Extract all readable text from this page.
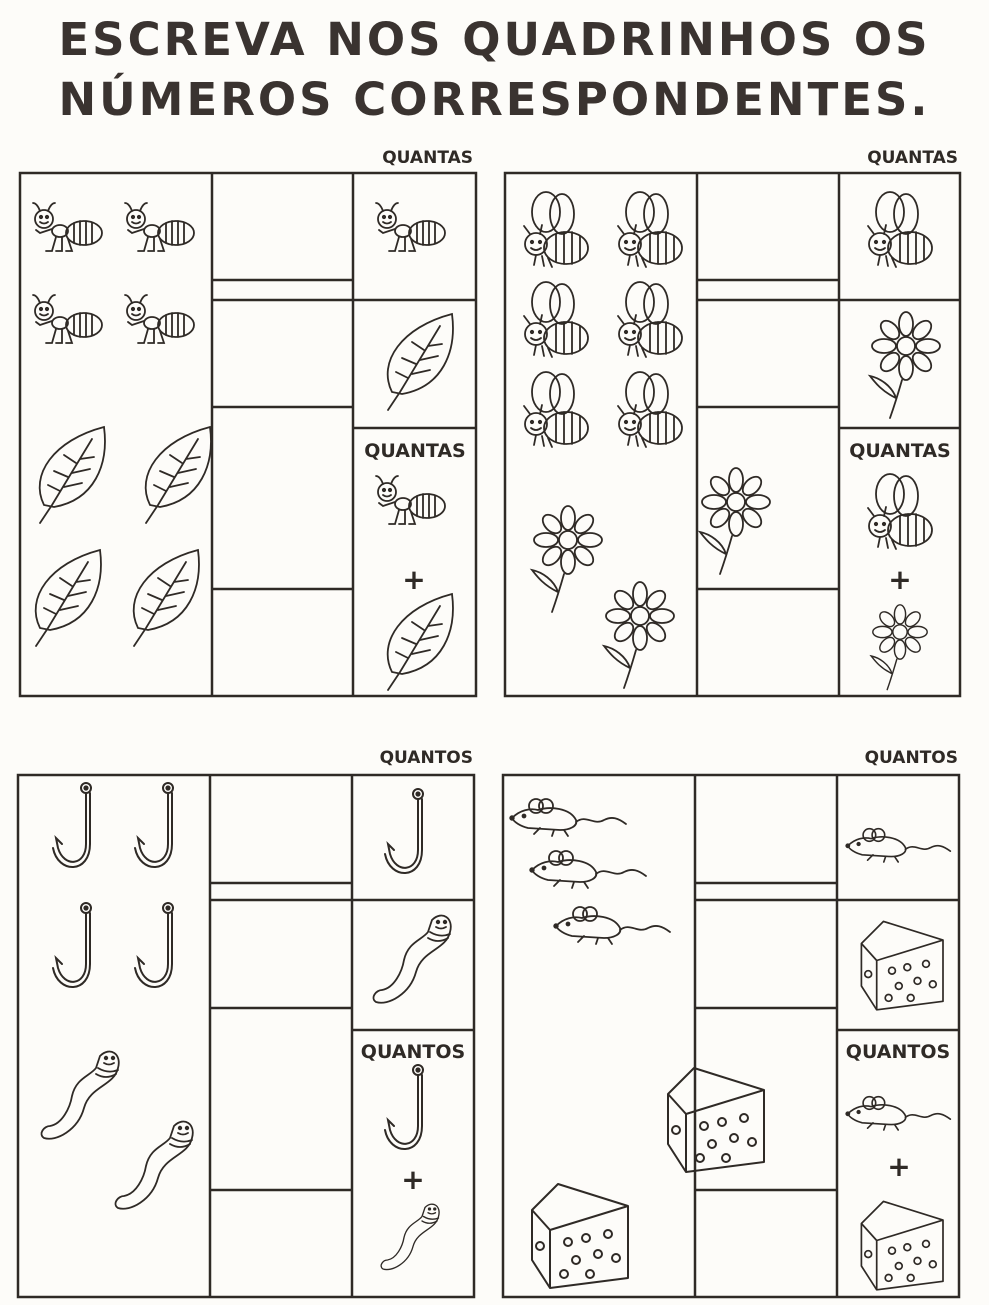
ESCREVA NOS QUADRINHOS OS
NÚMEROS CORRESPONDENTES.
QUANTAS	QUANTAS
QUANTOS	QUANTOS
QUANTAS	QUANTAS
QUANTOS	QUANTOS
+	+
+	+
